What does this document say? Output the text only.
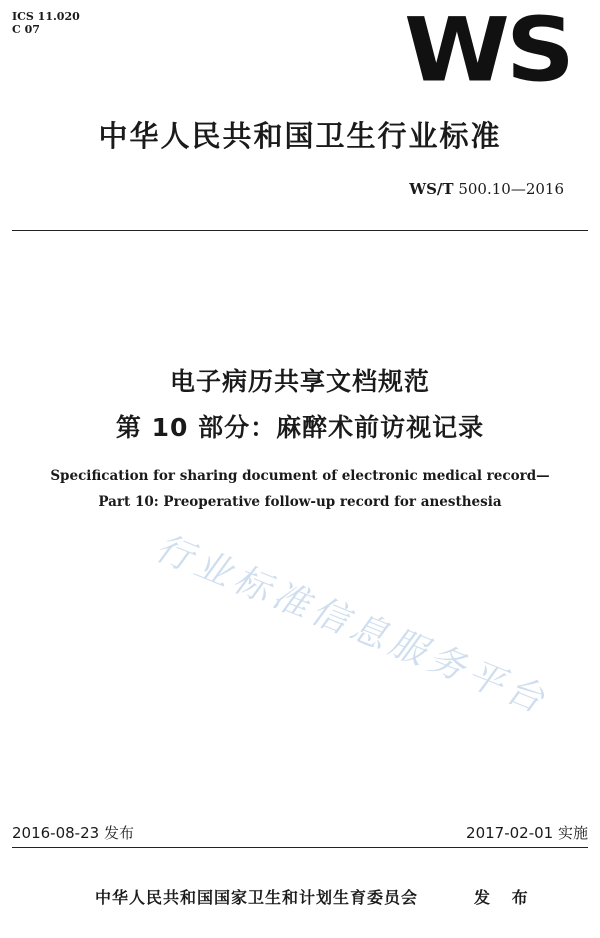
ICS 11.020
C 07	WS
中华人民共和国卫生行业标准
WS/T 500.10—2016
电子病历共享文档规范
第 10 部分：麻醉术前访视记录
Specification for sharing document of electronic medical record—
Part 10: Preoperative follow-up record for anesthesia
行业标准信息服务平台
2016-08-23 发布	2017-02-01 实施
中华人民共和国国家卫生和计划生育委员会	发 布
